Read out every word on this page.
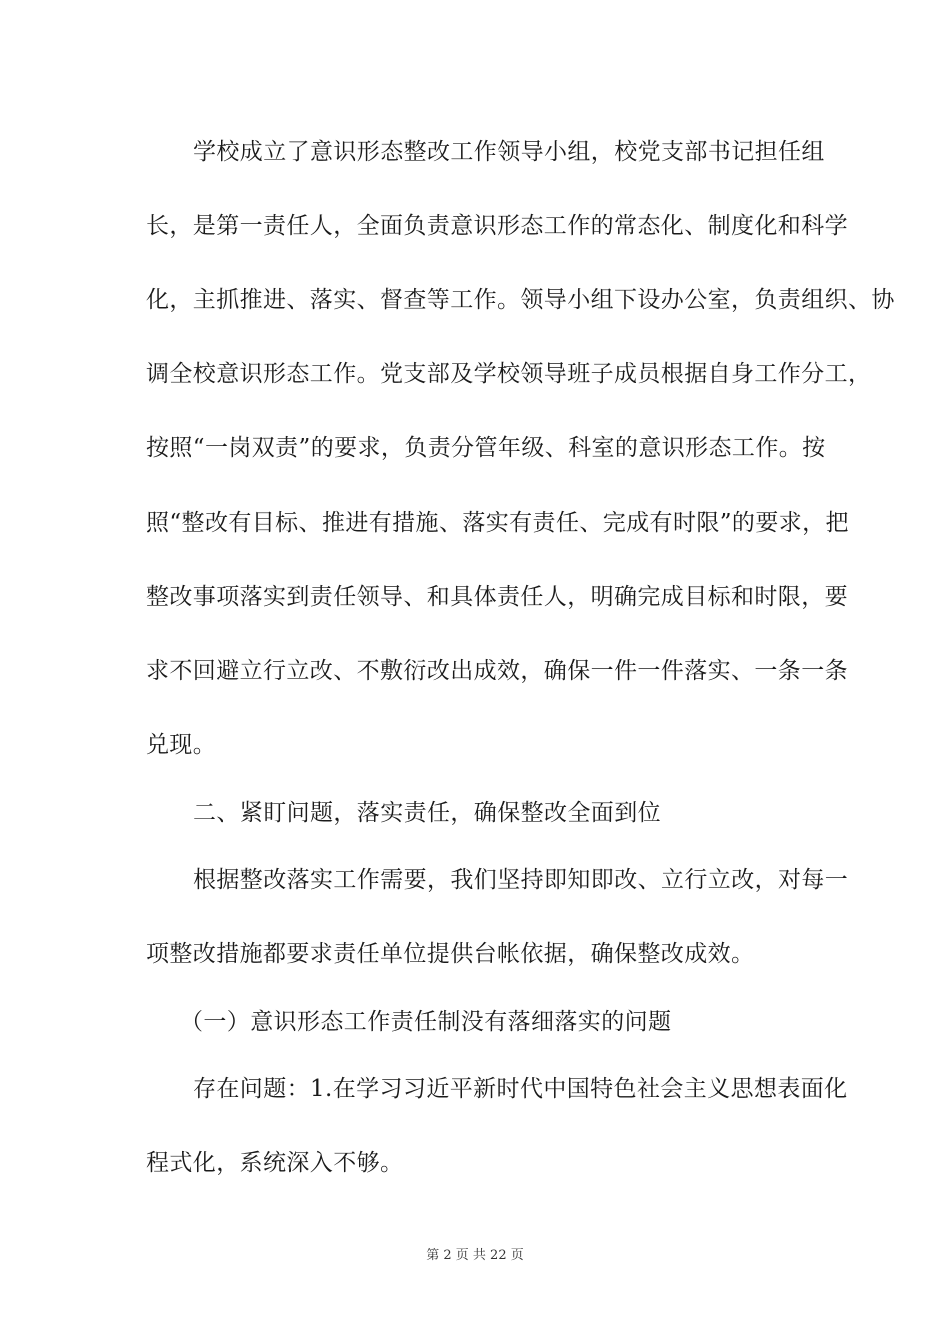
学校成立了意识形态整改工作领导小组，校党支部书记担任组
长，是第一责任人，全面负责意识形态工作的常态化、制度化和科学
化，主抓推进、落实、督查等工作。领导小组下设办公室，负责组织、协
调全校意识形态工作。党支部及学校领导班子成员根据自身工作分工，
按照“一岗双责”的要求，负责分管年级、科室的意识形态工作。按
照“整改有目标、推进有措施、落实有责任、完成有时限”的要求，把
整改事项落实到责任领导、和具体责任人，明确完成目标和时限，要
求不回避立行立改、不敷衍改出成效，确保一件一件落实、一条一条
兑现。
二、紧盯问题，落实责任，确保整改全面到位
根据整改落实工作需要，我们坚持即知即改、立行立改，对每一
项整改措施都要求责任单位提供台帐依据，确保整改成效。
（一）意识形态工作责任制没有落细落实的问题
存在问题：1.在学习习近平新时代中国特色社会主义思想表面化
程式化，系统深入不够。
第 2 页 共 22 页
